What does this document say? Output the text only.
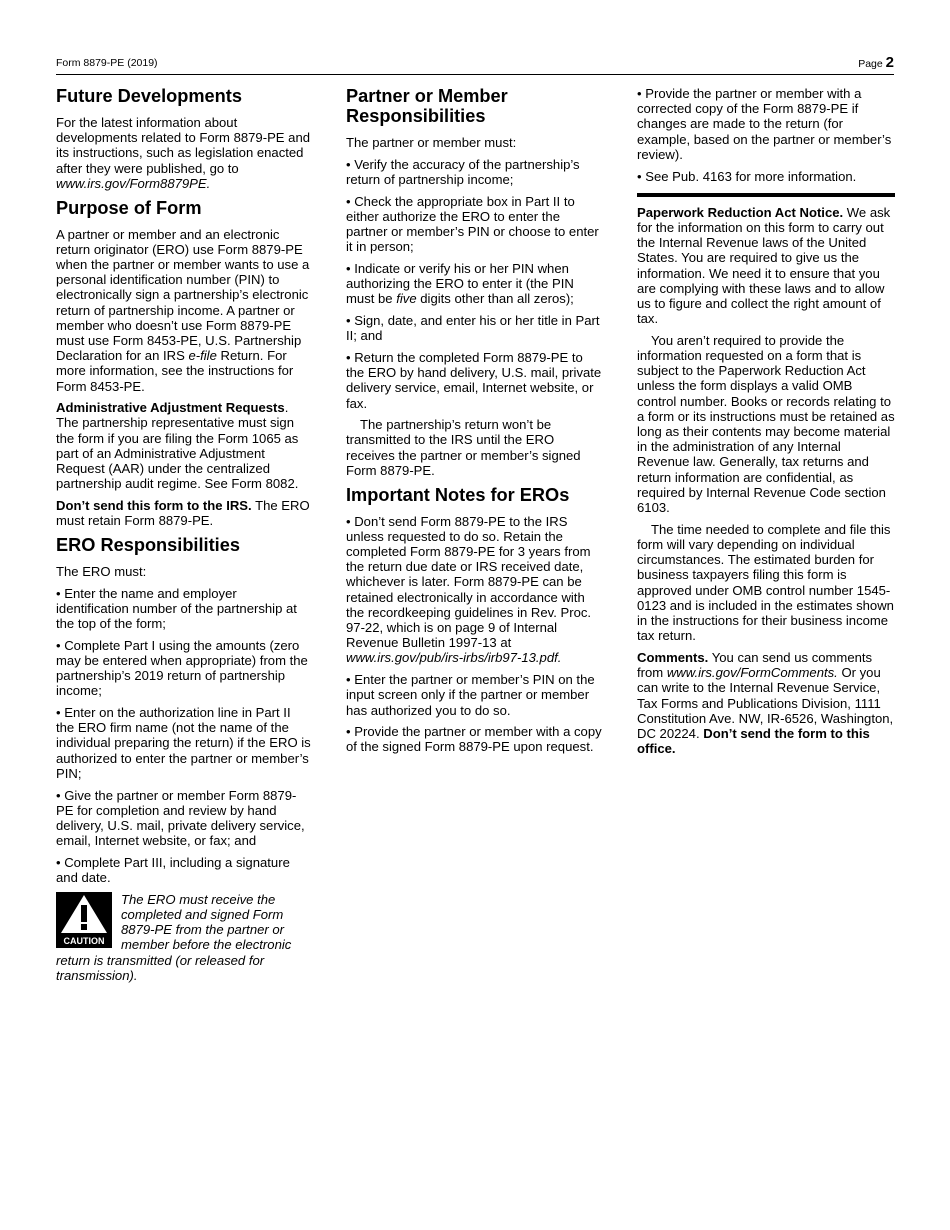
Form 8879-PE (2019)	Page 2
Future Developments

For the latest information about developments related to Form 8879-PE and its instructions, such as legislation enacted after they were published, go to www.irs.gov/Form8879PE.

Purpose of Form

A partner or member and an electronic return originator (ERO) use Form 8879-PE when the partner or member wants to use a personal identification number (PIN) to electronically sign a partnership’s electronic return of partnership income. A partner or member who doesn’t use Form 8879-PE must use Form 8453-PE, U.S. Partnership Declaration for an IRS e-file Return. For more information, see the instructions for Form 8453-PE.

Administrative Adjustment Requests. The partnership representative must sign the form if you are filing the Form 1065 as part of an Administrative Adjustment Request (AAR) under the centralized partnership audit regime. See Form 8082.

Don’t send this form to the IRS. The ERO must retain Form 8879-PE.

ERO Responsibilities

The ERO must:

• Enter the name and employer identification number of the partnership at the top of the form;

• Complete Part I using the amounts (zero may be entered when appropriate) from the partnership’s 2019 return of partnership income;

• Enter on the authorization line in Part II the ERO firm name (not the name of the individual preparing the return) if the ERO is authorized to enter the partner or member’s PIN;

• Give the partner or member Form 8879-PE for completion and review by hand delivery, U.S. mail, private delivery service, email, Internet website, or fax; and

• Complete Part III, including a signature and date.

CAUTION
The ERO must receive the completed and signed Form 8879-PE from the partner or member before the electronic return is transmitted (or released for transmission).
Partner or Member Responsibilities

The partner or member must:

• Verify the accuracy of the partnership’s return of partnership income;

• Check the appropriate box in Part II to either authorize the ERO to enter the partner or member’s PIN or choose to enter it in person;

• Indicate or verify his or her PIN when authorizing the ERO to enter it (the PIN must be five digits other than all zeros);

• Sign, date, and enter his or her title in Part II; and

• Return the completed Form 8879-PE to the ERO by hand delivery, U.S. mail, private delivery service, email, Internet website, or fax.

The partnership’s return won’t be transmitted to the IRS until the ERO receives the partner or member’s signed Form 8879-PE.

Important Notes for EROs

• Don’t send Form 8879-PE to the IRS unless requested to do so. Retain the completed Form 8879-PE for 3 years from the return due date or IRS received date, whichever is later. Form 8879-PE can be retained electronically in accordance with the recordkeeping guidelines in Rev. Proc. 97-22, which is on page 9 of Internal Revenue Bulletin 1997-13 at www.irs.gov/pub/irs-irbs/irb97-13.pdf.

• Enter the partner or member’s PIN on the input screen only if the partner or member has authorized you to do so.

• Provide the partner or member with a copy of the signed Form 8879-PE upon request.

• Provide the partner or member with a corrected copy of the Form 8879-PE if changes are made to the return (for example, based on the partner or member’s review).

• See Pub. 4163 for more information.

Paperwork Reduction Act Notice. We ask for the information on this form to carry out the Internal Revenue laws of the United States. You are required to give us the information. We need it to ensure that you are complying with these laws and to allow us to figure and collect the right amount of tax.

You aren’t required to provide the information requested on a form that is subject to the Paperwork Reduction Act unless the form displays a valid OMB control number. Books or records relating to a form or its instructions must be retained as long as their contents may become material in the administration of any Internal Revenue law. Generally, tax returns and return information are confidential, as required by Internal Revenue Code section 6103.

The time needed to complete and file this form will vary depending on individual circumstances. The estimated burden for business taxpayers filing this form is approved under OMB control number 1545-0123 and is included in the estimates shown in the instructions for their business income tax return.

Comments. You can send us comments from www.irs.gov/FormComments. Or you can write to the Internal Revenue Service, Tax Forms and Publications Division, 1111 Constitution Ave. NW, IR-6526, Washington, DC 20224. Don’t send the form to this office.
